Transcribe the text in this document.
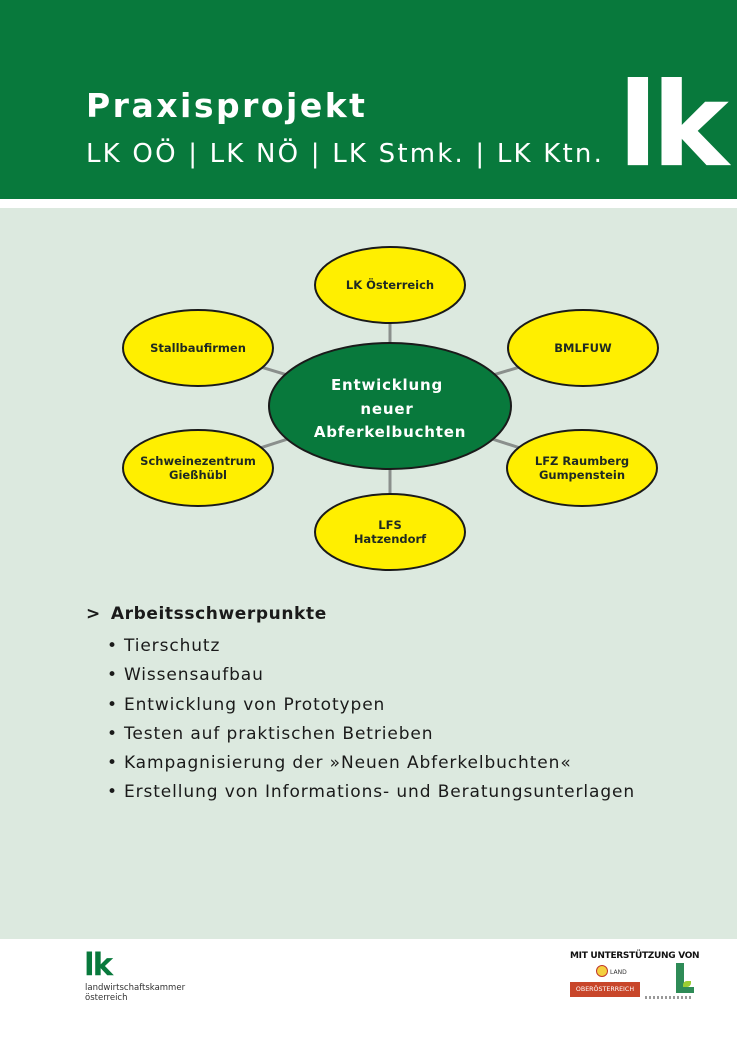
Praxisprojekt
LK OÖ | LK NÖ | LK Stmk. | LK Ktn. lk
LK Österreich
BMLFUW
LFZ Raumberg Gumpenstein
LFS Hatzendorf
Schweinezentrum Gießhübl
Stallbaufirmen
Entwicklung neuer Abferkelbuchten
> Arbeitsschwerpunkte
• Tierschutz
• Wissensaufbau
• Entwicklung von Prototypen
• Testen auf praktischen Betrieben
• Kampagnisierung der »Neuen Abferkelbuchten«
• Erstellung von Informations- und Beratungsunterlagen
lk
landwirtschaftskammer
österreich
MIT UNTERSTÜTZUNG VON
LAND
OBERÖSTERREICH
